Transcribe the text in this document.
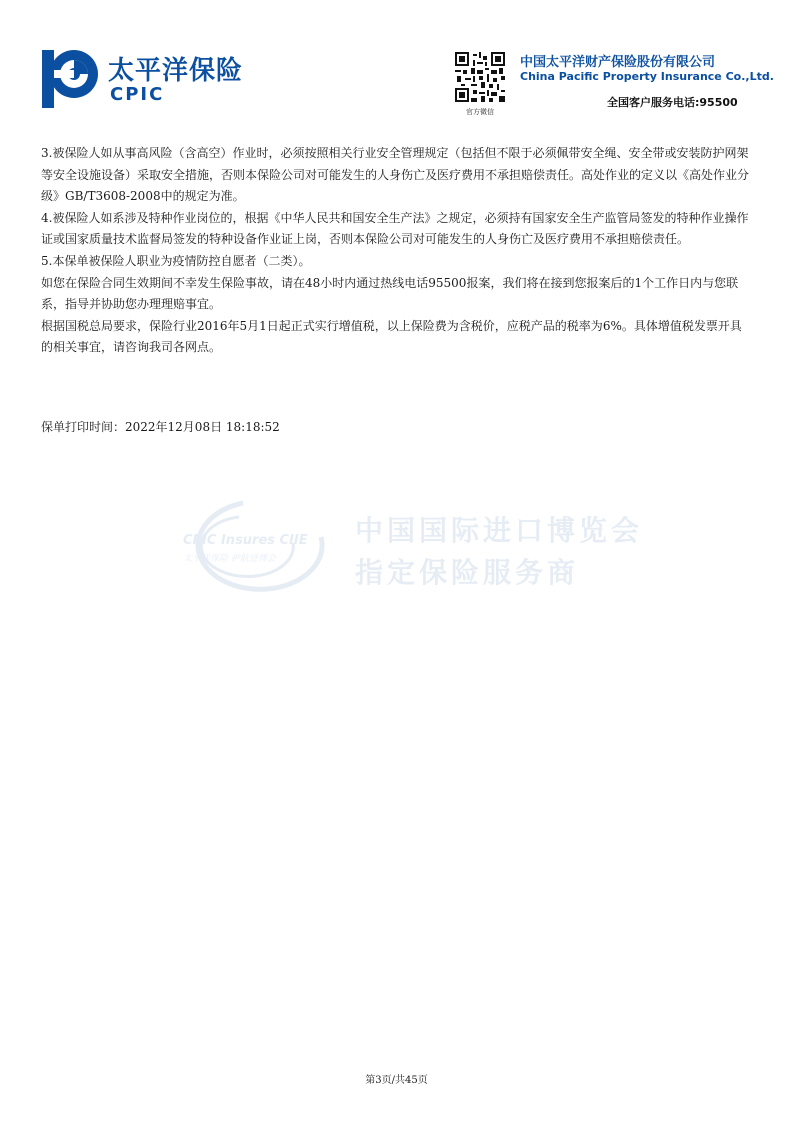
太平洋保险
CPIC
官方微信
中国太平洋财产保险股份有限公司
China Pacific Property Insurance Co.,Ltd.
全国客户服务电话:95500

3.被保险人如从事高风险（含高空）作业时，必须按照相关行业安全管理规定（包括但不限于必须佩带安全绳、安全带或安装防护网架等安全设施设备）采取安全措施，否则本保险公司对可能发生的人身伤亡及医疗费用不承担赔偿责任。高处作业的定义以《高处作业分级》GB/T3608-2008中的规定为准。

4.被保险人如系涉及特种作业岗位的，根据《中华人民共和国安全生产法》之规定，必须持有国家安全生产监管局签发的特种作业操作证或国家质量技术监督局签发的特种设备作业证上岗，否则本保险公司对可能发生的人身伤亡及医疗费用不承担赔偿责任。

5.本保单被保险人职业为疫情防控自愿者（二类）。

如您在保险合同生效期间不幸发生保险事故，请在48小时内通过热线电话95500报案，我们将在接到您报案后的1个工作日内与您联系，指导并协助您办理理赔事宜。

根据国税总局要求，保险行业2016年5月1日起正式实行增值税，以上保险费为含税价，应税产品的税率为6%。具体增值税发票开具的相关事宜，请咨询我司各网点。

保单打印时间：2022年12月08日 18:18:52
CPIC Insures CIIE
太平洋保险 护航进博会
中国国际进口博览会
指定保险服务商
第3页/共45页
